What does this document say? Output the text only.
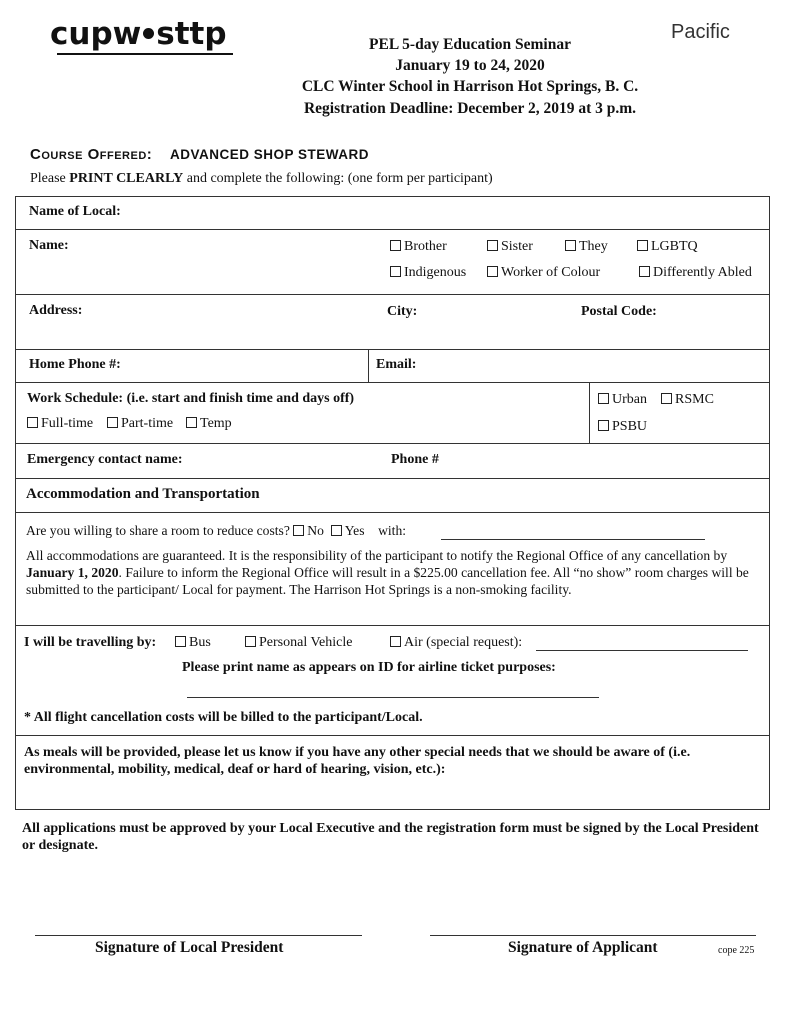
cupw sttp	Pacific
PEL 5-day Education Seminar
January 19 to 24, 2020
CLC Winter School in Harrison Hot Springs, B. C.
Registration Deadline: December 2, 2019 at 3 p.m.
Course Offered: ADVANCED SHOP STEWARD
Please PRINT CLEARLY and complete the following: (one form per participant)
Name of Local:
Name:	Brother	Sister	They	LGBTQ
Indigenous	Worker of Colour	Differently Abled
Address:	City:	Postal Code:
Home Phone #:	Email:
Work Schedule: (i.e. start and finish time and days off)
Full-time	Part-time	Temp
Urban	RSMC
PSBU
Emergency contact name:	Phone #
Accommodation and Transportation
Are you willing to share a room to reduce costs? No Yes with:
All accommodations are guaranteed. It is the responsibility of the participant to notify the Regional Office of any cancellation by January 1, 2020. Failure to inform the Regional Office will result in a $225.00 cancellation fee. All “no show” room charges will be submitted to the participant/ Local for payment. The Harrison Hot Springs is a non-smoking facility.
I will be travelling by:	Bus	Personal Vehicle	Air (special request):
Please print name as appears on ID for airline ticket purposes:
* All flight cancellation costs will be billed to the participant/Local.
As meals will be provided, please let us know if you have any other special needs that we should be aware of (i.e. environmental, mobility, medical, deaf or hard of hearing, vision, etc.):
All applications must be approved by your Local Executive and the registration form must be signed by the Local President or designate.
Signature of Local President	Signature of Applicant	cope 225
